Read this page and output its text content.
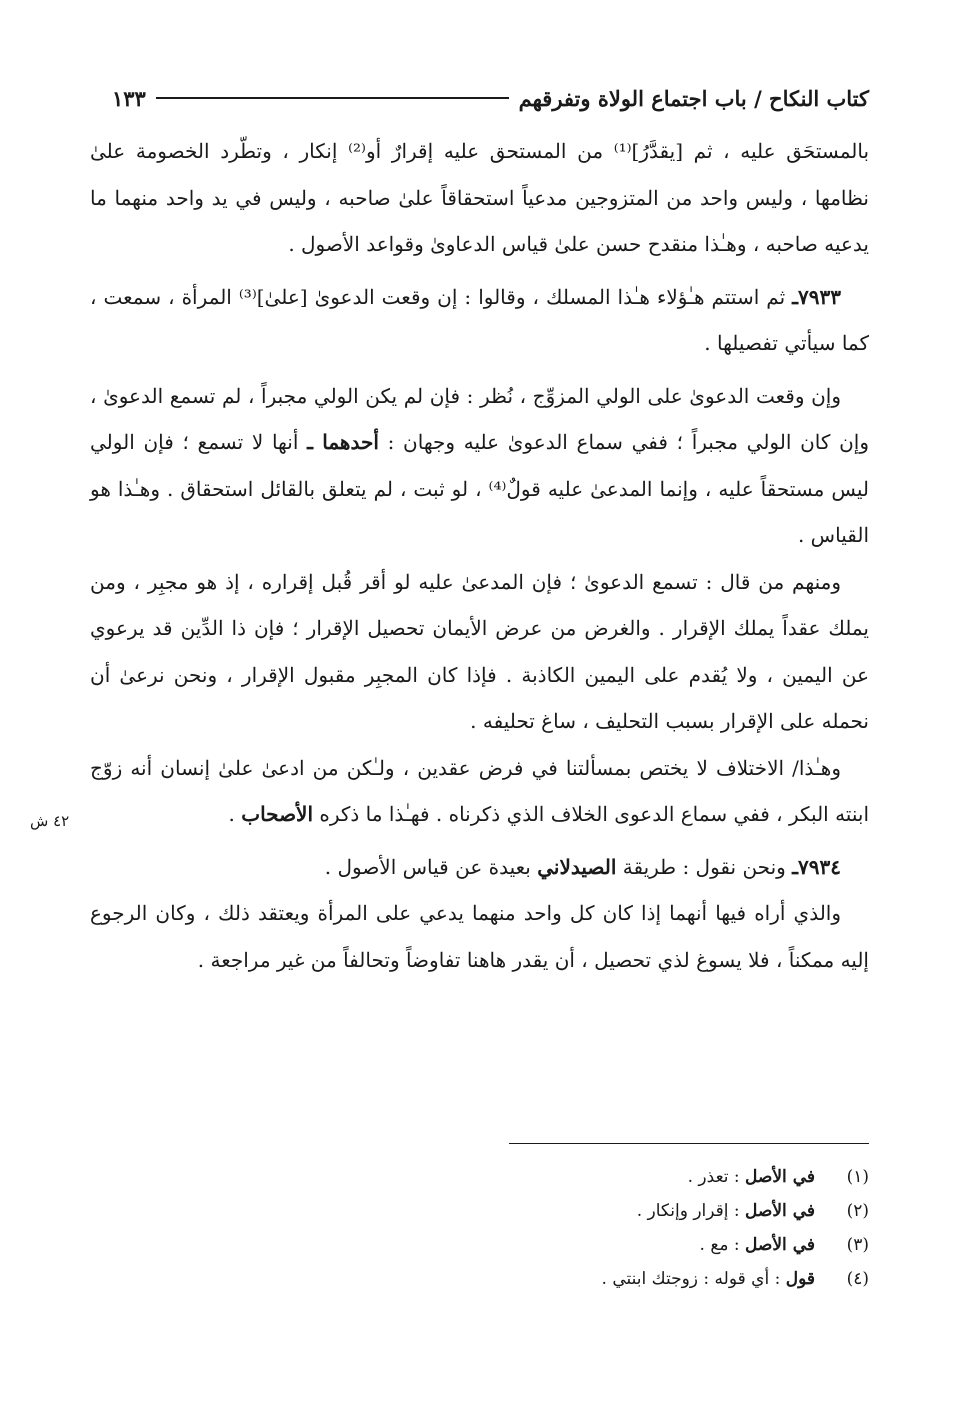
كتاب النكاح / باب اجتماع الولاة وتفرقهم
١٣٣
٤٢ ش

بالمستحَق عليه ، ثم [يقدَّرُ]⁽¹⁾ من المستحق عليه إقرارٌ أو⁽²⁾ إنكار ، وتطّرد الخصومة علىٰ نظامها ، وليس واحد من المتزوجين مدعياً استحقاقاً علىٰ صاحبه ، وليس في يد واحد منهما ما يدعيه صاحبه ، وهـٰذا منقدح حسن علىٰ قياس الدعاوىٰ وقواعد الأصول .

٧٩٣٣ـ ثم استتم هـٰؤلاء هـٰذا المسلك ، وقالوا : إن وقعت الدعوىٰ [علىٰ]⁽³⁾ المرأة ، سمعت ، كما سيأتي تفصيلها .

وإن وقعت الدعوىٰ على الولي المزوِّج ، نُظر : فإن لم يكن الولي مجبراً ، لم تسمع الدعوىٰ ، وإن كان الولي مجبراً ؛ ففي سماع الدعوىٰ عليه وجهان : أحدهما ـ أنها لا تسمع ؛ فإن الولي ليس مستحقاً عليه ، وإنما المدعىٰ عليه قولٌ⁽⁴⁾ ، لو ثبت ، لم يتعلق بالقائل استحقاق . وهـٰذا هو القياس .

ومنهم من قال : تسمع الدعوىٰ ؛ فإن المدعىٰ عليه لو أقر قُبل إقراره ، إذ هو مجبِر ، ومن يملك عقداً يملك الإقرار . والغرض من عرض الأيمان تحصيل الإقرار ؛ فإن ذا الدِّين قد يرعوي عن اليمين ، ولا يُقدم على اليمين الكاذبة . فإذا كان المجبِر مقبول الإقرار ، ونحن نرعىٰ أن نحمله على الإقرار بسبب التحليف ، ساغ تحليفه .

وهـٰذا/ الاختلاف لا يختص بمسألتنا في فرض عقدين ، ولـٰكن من ادعىٰ علىٰ إنسان أنه زوّج ابنته البكر ، ففي سماع الدعوى الخلاف الذي ذكرناه . فهـٰذا ما ذكره الأصحاب .

٧٩٣٤ـ ونحن نقول : طريقة الصيدلاني بعيدة عن قياس الأصول .

والذي أراه فيها أنهما إذا كان كل واحد منهما يدعي على المرأة ويعتقد ذلك ، وكان الرجوع إليه ممكناً ، فلا يسوغ لذي تحصيل ، أن يقدر هاهنا تفاوضاً وتحالفاً من غير مراجعة .

(١)
في الأصل : تعذر .
(٢)
في الأصل : إقرار وإنكار .
(٣)
في الأصل : مع .
(٤)
قول : أي قوله : زوجتك ابنتي .
